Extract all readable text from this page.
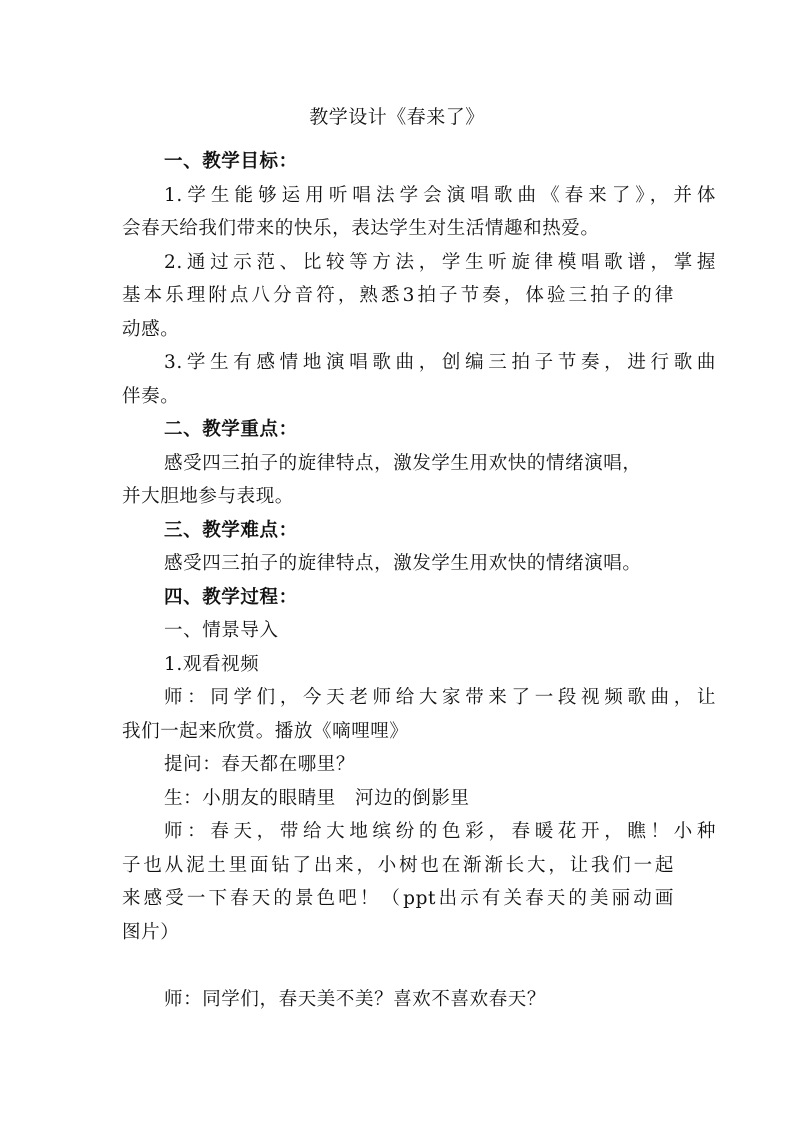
教学设计《春来了》
一、教学目标：
1.学生能够运用听唱法学会演唱歌曲《春来了》，并体
会春天给我们带来的快乐，表达学生对生活情趣和热爱。
2.通过示范、比较等方法，学生听旋律模唱歌谱，掌握
基本乐理附点八分音符，熟悉3拍子节奏，体验三拍子的律
动感。
3.学生有感情地演唱歌曲，创编三拍子节奏，进行歌曲
伴奏。
二、教学重点：
感受四三拍子的旋律特点，激发学生用欢快的情绪演唱，
并大胆地参与表现。
三、教学难点：
感受四三拍子的旋律特点，激发学生用欢快的情绪演唱。
四、教学过程：
一、情景导入
1.观看视频
师：同学们，今天老师给大家带来了一段视频歌曲，让
我们一起来欣赏。播放《嘀哩哩》
提问：春天都在哪里？
生：小朋友的眼睛里　河边的倒影里
师：春天，带给大地缤纷的色彩，春暖花开，瞧！小种
子也从泥土里面钻了出来，小树也在渐渐长大，让我们一起
来感受一下春天的景色吧！（ppt出示有关春天的美丽动画
图片）
师：同学们，春天美不美？喜欢不喜欢春天？
